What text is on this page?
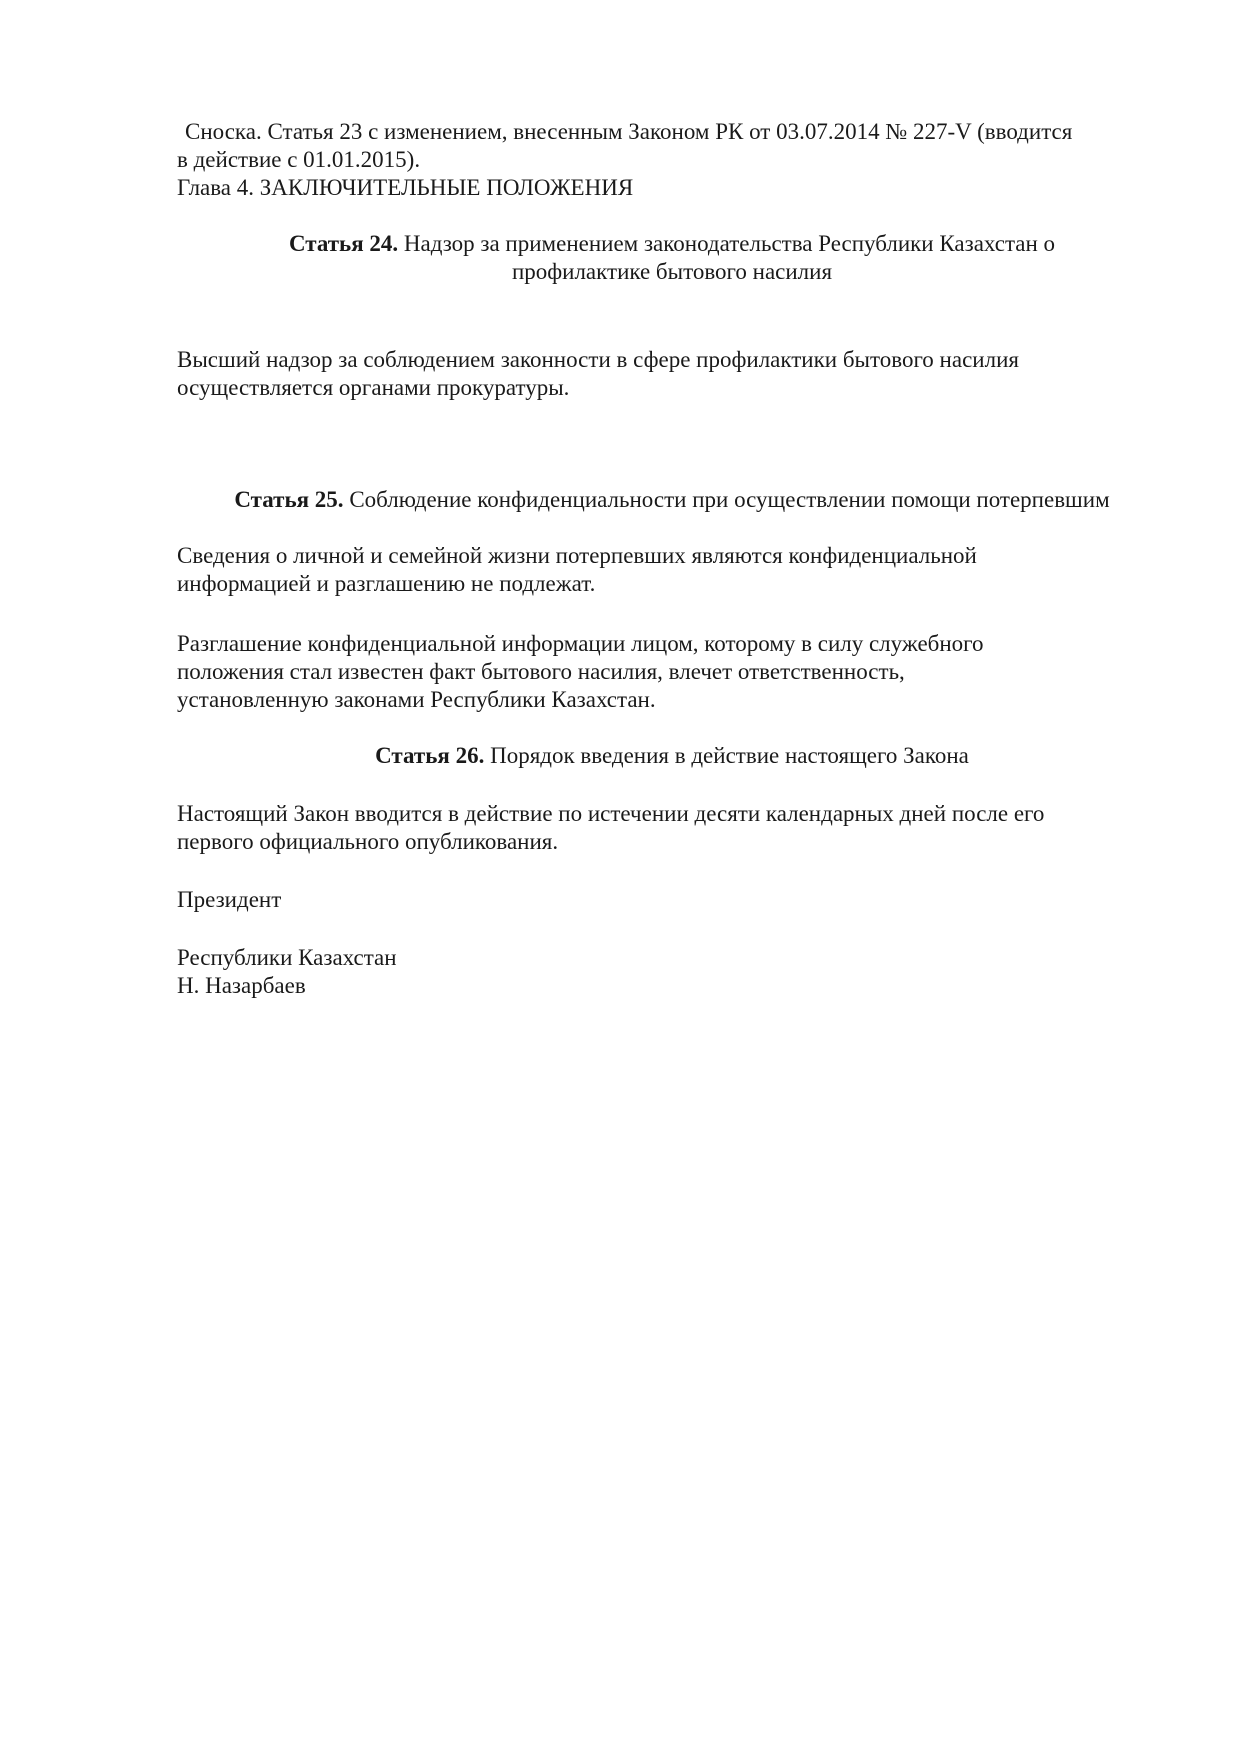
Сноска. Статья 23 с изменением, внесенным Законом РК от 03.07.2014 № 227-V (вводится

в действие с 01.01.2015).

Глава 4. ЗАКЛЮЧИТЕЛЬНЫЕ ПОЛОЖЕНИЯ

Статья 24. Надзор за применением законодательства Республики Казахстан о

профилактике бытового насилия

Высший надзор за соблюдением законности в сфере профилактики бытового насилия

осуществляется органами прокуратуры.

Статья 25. Соблюдение конфиденциальности при осуществлении помощи потерпевшим

Сведения о личной и семейной жизни потерпевших являются конфиденциальной

информацией и разглашению не подлежат.

Разглашение конфиденциальной информации лицом, которому в силу служебного

положения стал известен факт бытового насилия, влечет ответственность,

установленную законами Республики Казахстан.

Статья 26. Порядок введения в действие настоящего Закона

Настоящий Закон вводится в действие по истечении десяти календарных дней после его

первого официального опубликования.

Президент

Республики Казахстан

Н. Назарбаев
